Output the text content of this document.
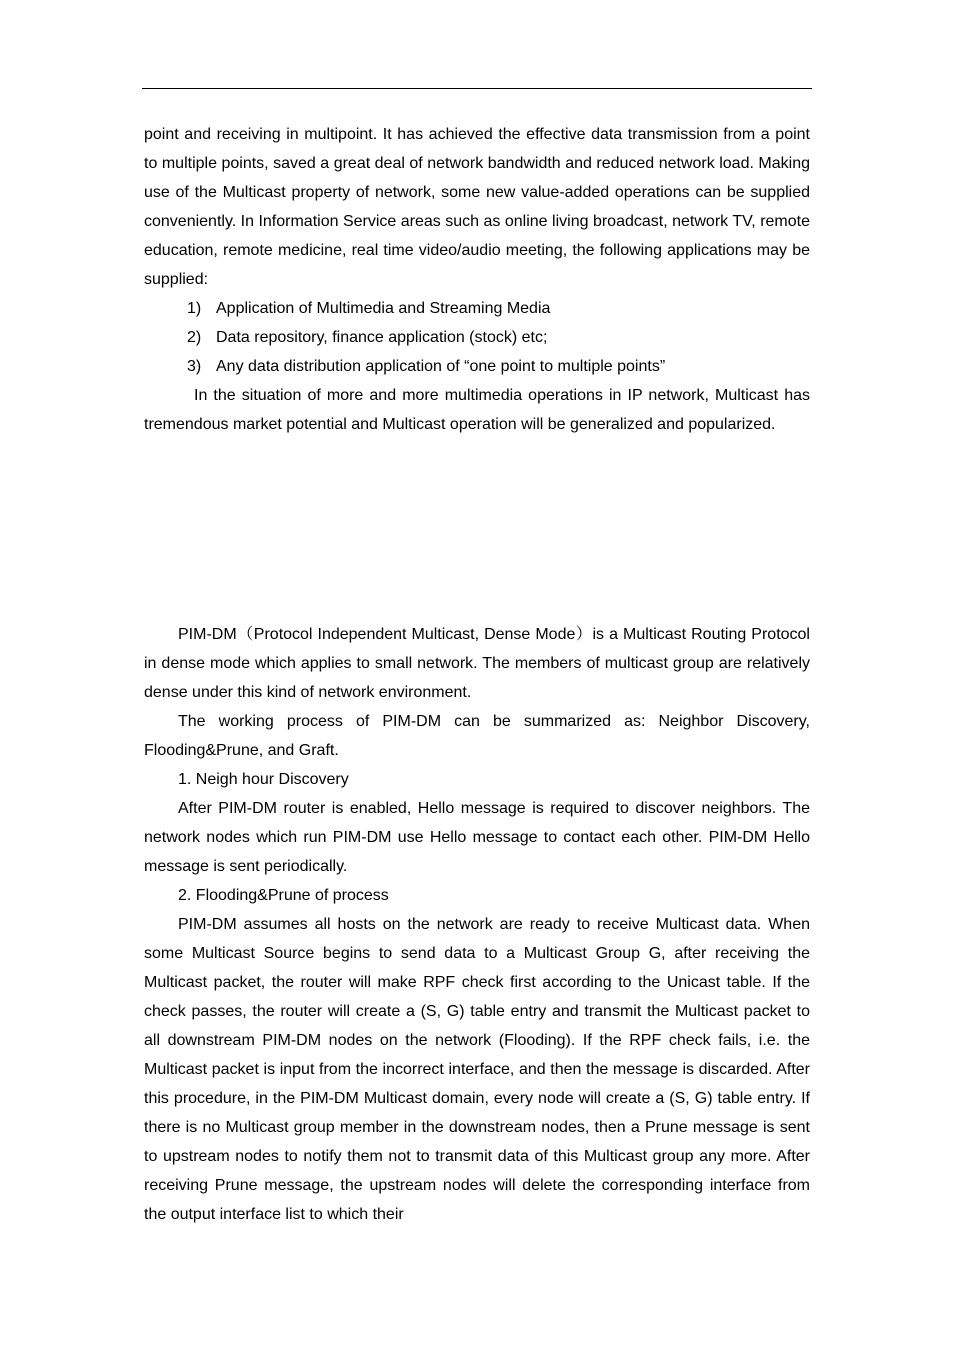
point and receiving in multipoint. It has achieved the effective data transmission from a point to multiple points, saved a great deal of network bandwidth and reduced network load. Making use of the Multicast property of network, some new value-added operations can be supplied conveniently. In Information Service areas such as online living broadcast, network TV, remote education, remote medicine, real time video/audio meeting, the following applications may be supplied:

1) Application of Multimedia and Streaming Media
2) Data repository, finance application (stock) etc;
3) Any data distribution application of “one point to multiple points”

In the situation of more and more multimedia operations in IP network, Multicast has tremendous market potential and Multicast operation will be generalized and popularized.

PIM-DM（Protocol Independent Multicast, Dense Mode）is a Multicast Routing Protocol in dense mode which applies to small network. The members of multicast group are relatively dense under this kind of network environment.

The working process of PIM-DM can be summarized as: Neighbor Discovery, Flooding&Prune, and Graft.

1. Neigh hour Discovery

After PIM-DM router is enabled, Hello message is required to discover neighbors. The network nodes which run PIM-DM use Hello message to contact each other. PIM-DM Hello message is sent periodically.

2. Flooding&Prune of process

PIM-DM assumes all hosts on the network are ready to receive Multicast data. When some Multicast Source begins to send data to a Multicast Group G, after receiving the Multicast packet, the router will make RPF check first according to the Unicast table. If the check passes, the router will create a (S, G) table entry and transmit the Multicast packet to all downstream PIM-DM nodes on the network (Flooding). If the RPF check fails, i.e. the Multicast packet is input from the incorrect interface, and then the message is discarded. After this procedure, in the PIM-DM Multicast domain, every node will create a (S, G) table entry. If there is no Multicast group member in the downstream nodes, then a Prune message is sent to upstream nodes to notify them not to transmit data of this Multicast group any more. After receiving Prune message, the upstream nodes will delete the corresponding interface from the output interface list to which their
